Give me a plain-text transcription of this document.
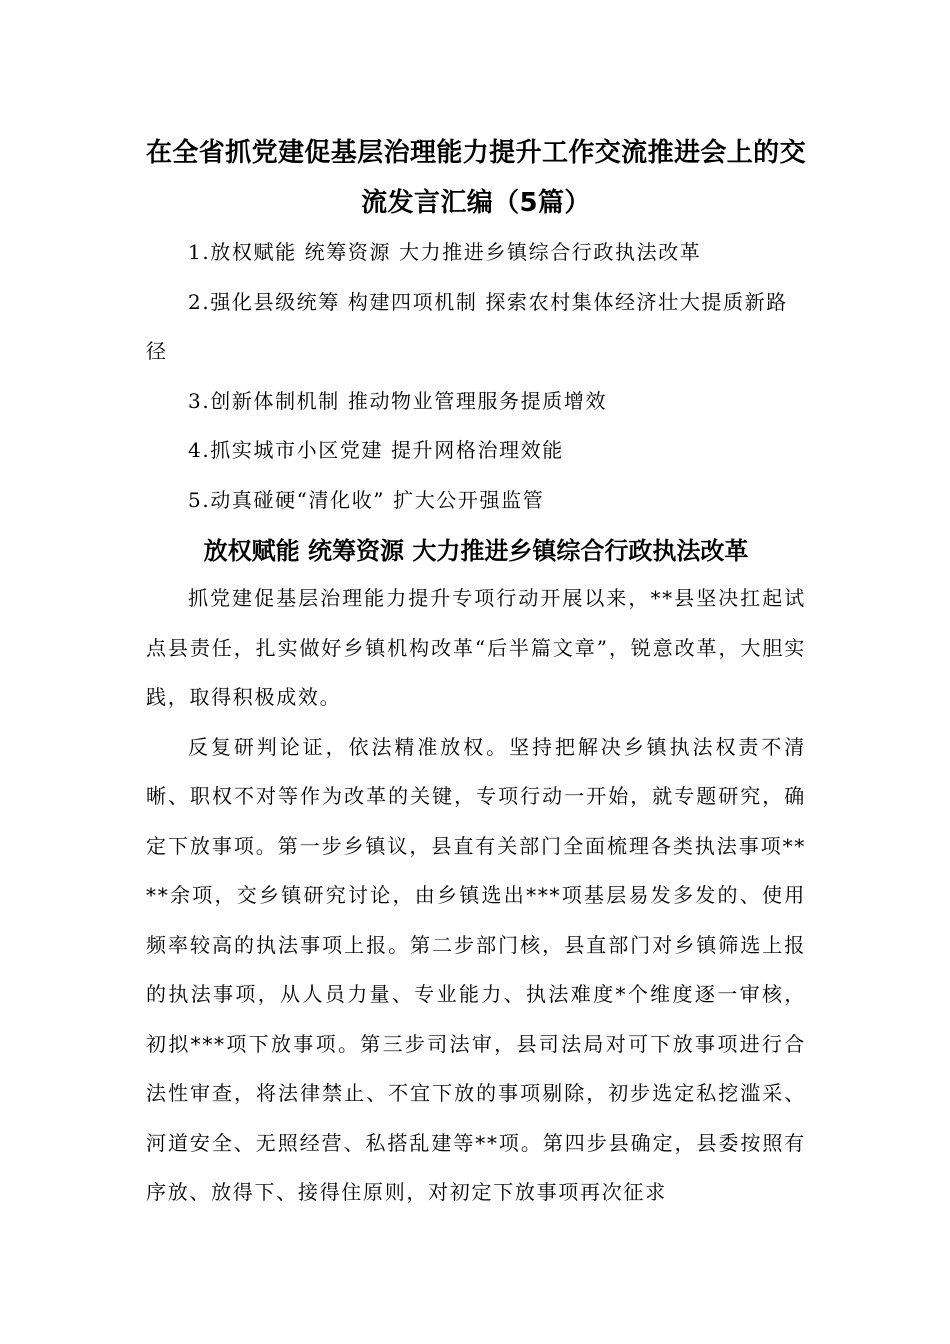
在全省抓党建促基层治理能力提升工作交流推进会上的交流发言汇编（5篇）
1.放权赋能 统筹资源 大力推进乡镇综合行政执法改革
2.强化县级统筹 构建四项机制 探索农村集体经济壮大提质新路径
3.创新体制机制 推动物业管理服务提质增效
4.抓实城市小区党建 提升网格治理效能
5.动真碰硬“清化收” 扩大公开强监管
放权赋能 统筹资源 大力推进乡镇综合行政执法改革

抓党建促基层治理能力提升专项行动开展以来，**县坚决扛起试点县责任，扎实做好乡镇机构改革“后半篇文章”，锐意改革，大胆实践，取得积极成效。

反复研判论证，依法精准放权。坚持把解决乡镇执法权责不清晰、职权不对等作为改革的关键，专项行动一开始，就专题研究，确定下放事项。第一步乡镇议，县直有关部门全面梳理各类执法事项****余项，交乡镇研究讨论，由乡镇选出***项基层易发多发的、使用频率较高的执法事项上报。第二步部门核，县直部门对乡镇筛选上报的执法事项，从人员力量、专业能力、执法难度*个维度逐一审核，初拟***项下放事项。第三步司法审，县司法局对可下放事项进行合法性审查，将法律禁止、不宜下放的事项剔除，初步选定私挖滥采、河道安全、无照经营、私搭乱建等**项。第四步县确定，县委按照有序放、放得下、接得住原则，对初定下放事项再次征求
